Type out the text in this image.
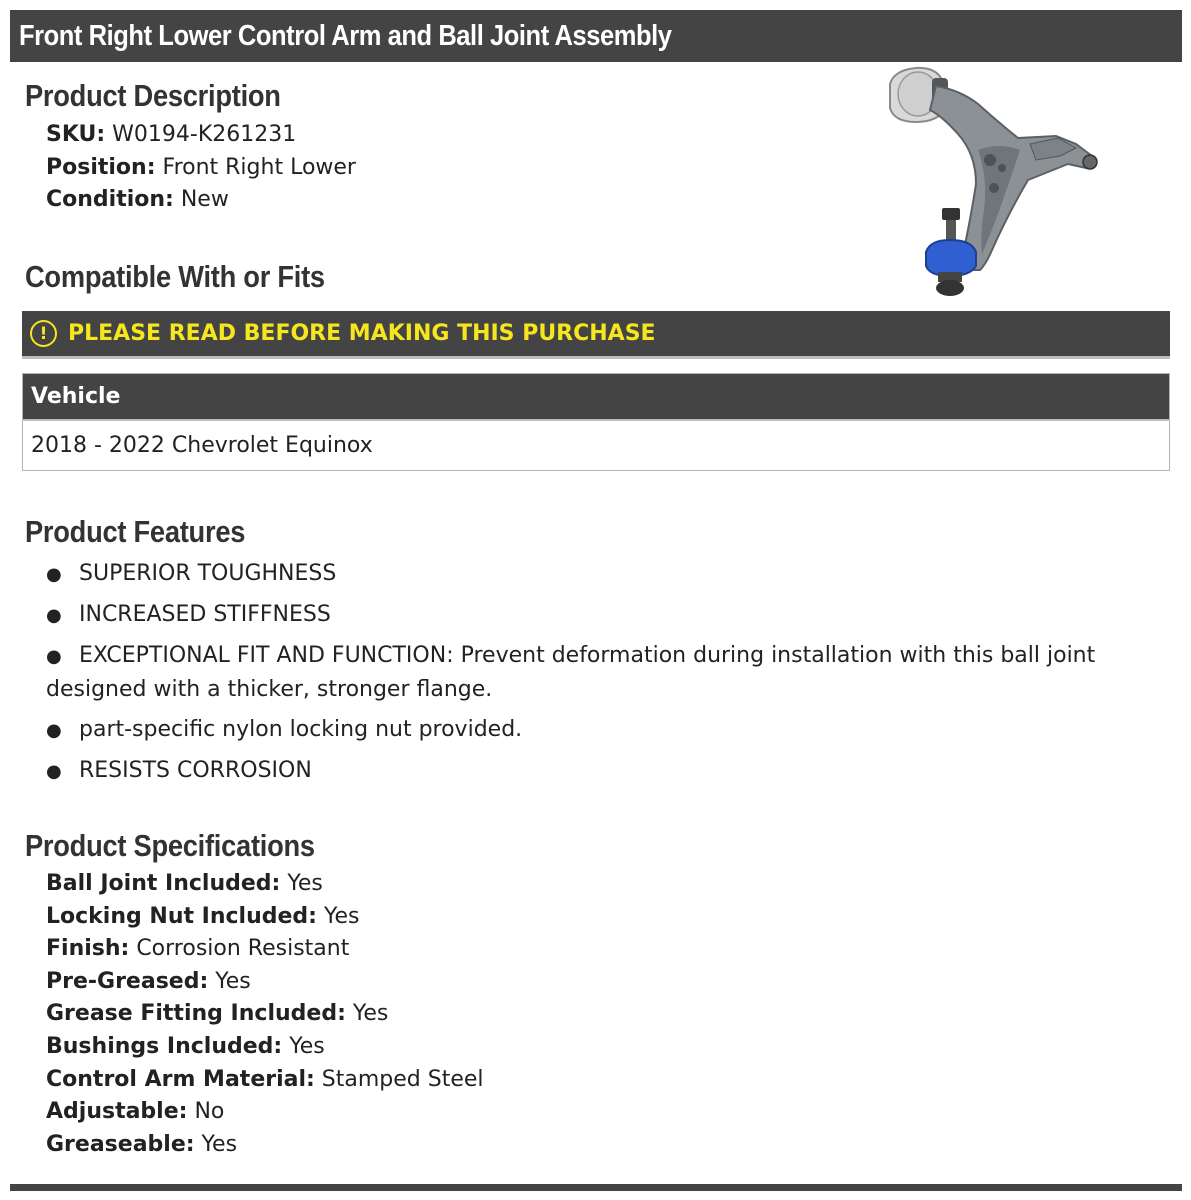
Front Right Lower Control Arm and Ball Joint Assembly
Product Description
SKU: W0194-K261231
Position: Front Right Lower
Condition: New
Compatible With or Fits
! PLEASE READ BEFORE MAKING THIS PURCHASE
Vehicle
2018 - 2022 Chevrolet Equinox
Product Features
● SUPERIOR TOUGHNESS
● INCREASED STIFFNESS
● EXCEPTIONAL FIT AND FUNCTION: Prevent deformation during installation with this ball joint designed with a thicker, stronger flange.
● part-specific nylon locking nut provided.
● RESISTS CORROSION
Product Specifications
Ball Joint Included: Yes
Locking Nut Included: Yes
Finish: Corrosion Resistant
Pre-Greased: Yes
Grease Fitting Included: Yes
Bushings Included: Yes
Control Arm Material: Stamped Steel
Adjustable: No
Greaseable: Yes
